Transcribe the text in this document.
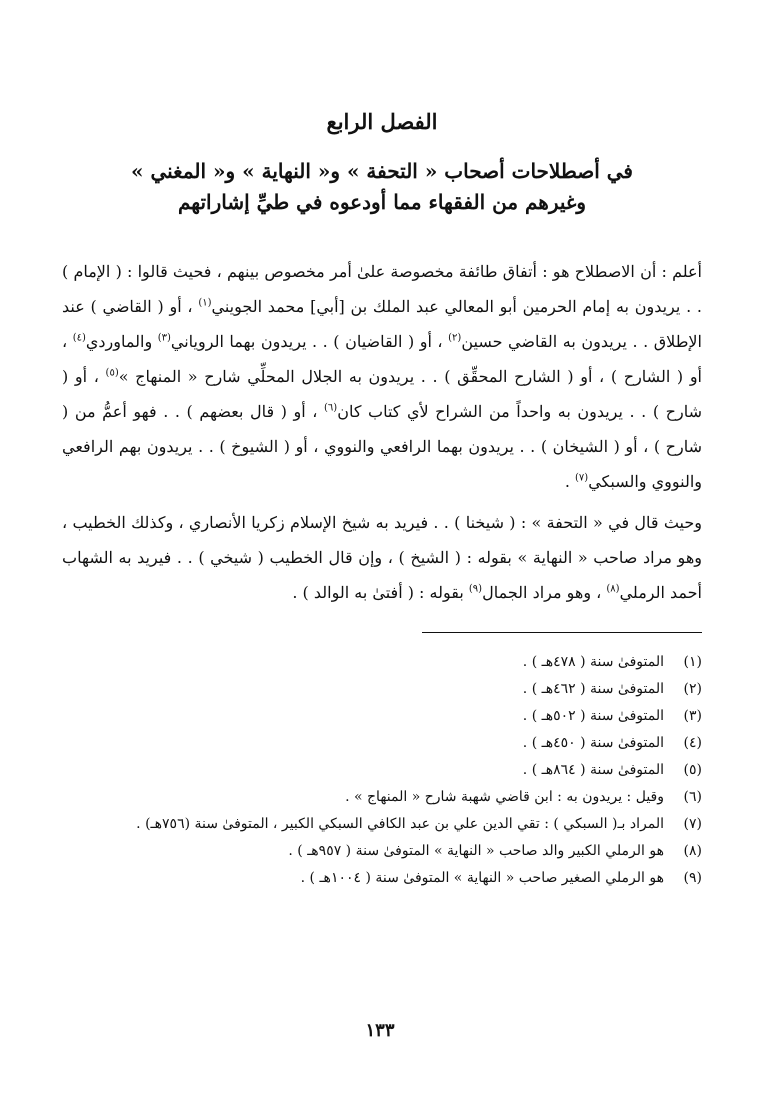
الفصل الرابع
في أصطلاحات أصحاب « التحفة » و« النهاية » و« المغني »
وغيرهم من الفقهاء مما أودعوه في طيِّ إشاراتهم

أعلم : أن الاصطلاح هو : أتفاق طائفة مخصوصة علىٰ أمر مخصوص بينهم ، فحيث قالوا : ( الإمام ) . . يريدون به إمام الحرمين أبو المعالي عبد الملك بن [أبي] محمد الجويني$^{(١)}$ ، أو ( القاضي ) عند الإطلاق . . يريدون به القاضي حسين$^{(٢)}$ ، أو ( القاضيان ) . . يريدون بهما الروياني$^{(٣)}$ والماوردي$^{(٤)}$ ، أو ( الشارح ) ، أو ( الشارح المحقِّق ) . . يريدون به الجلال المحلِّي شارح « المنهاج »$^{(٥)}$ ، أو ( شارح ) . . يريدون به واحداً من الشراح لأي كتاب كان$^{(٦)}$ ، أو ( قال بعضهم ) . . فهو أعمُّ من ( شارح ) ، أو ( الشيخان ) . . يريدون بهما الرافعي والنووي ، أو ( الشيوخ ) . . يريدون بهم الرافعي والنووي والسبكي$^{(٧)}$ .

وحيث قال في « التحفة » : ( شيخنا ) . . فيريد به شيخ الإسلام زكريا الأنصاري ، وكذلك الخطيب ، وهو مراد صاحب « النهاية » بقوله : ( الشيخ ) ، وإن قال الخطيب ( شيخي ) . . فيريد به الشهاب أحمد الرملي$^{(٨)}$ ، وهو مراد الجمال$^{(٩)}$ بقوله : ( أفتىٰ به الوالد ) .

(١)
المتوفىٰ سنة ( ٤٧٨هـ ) .
(٢)
المتوفىٰ سنة ( ٤٦٢هـ ) .
(٣)
المتوفىٰ سنة ( ٥٠٢هـ ) .
(٤)
المتوفىٰ سنة ( ٤٥٠هـ ) .
(٥)
المتوفىٰ سنة ( ٨٦٤هـ ) .
(٦)
وقيل : يريدون به : ابن قاضي شهبة شارح « المنهاج » .
(٧)
المراد بـ( السبكي ) : تقي الدين علي بن عبد الكافي السبكي الكبير ، المتوفىٰ سنة (٧٥٦هـ) .
(٨)
هو الرملي الكبير والد صاحب « النهاية » المتوفىٰ سنة ( ٩٥٧هـ ) .
(٩)
هو الرملي الصغير صاحب « النهاية » المتوفىٰ سنة ( ١٠٠٤هـ ) .
١٣٣
